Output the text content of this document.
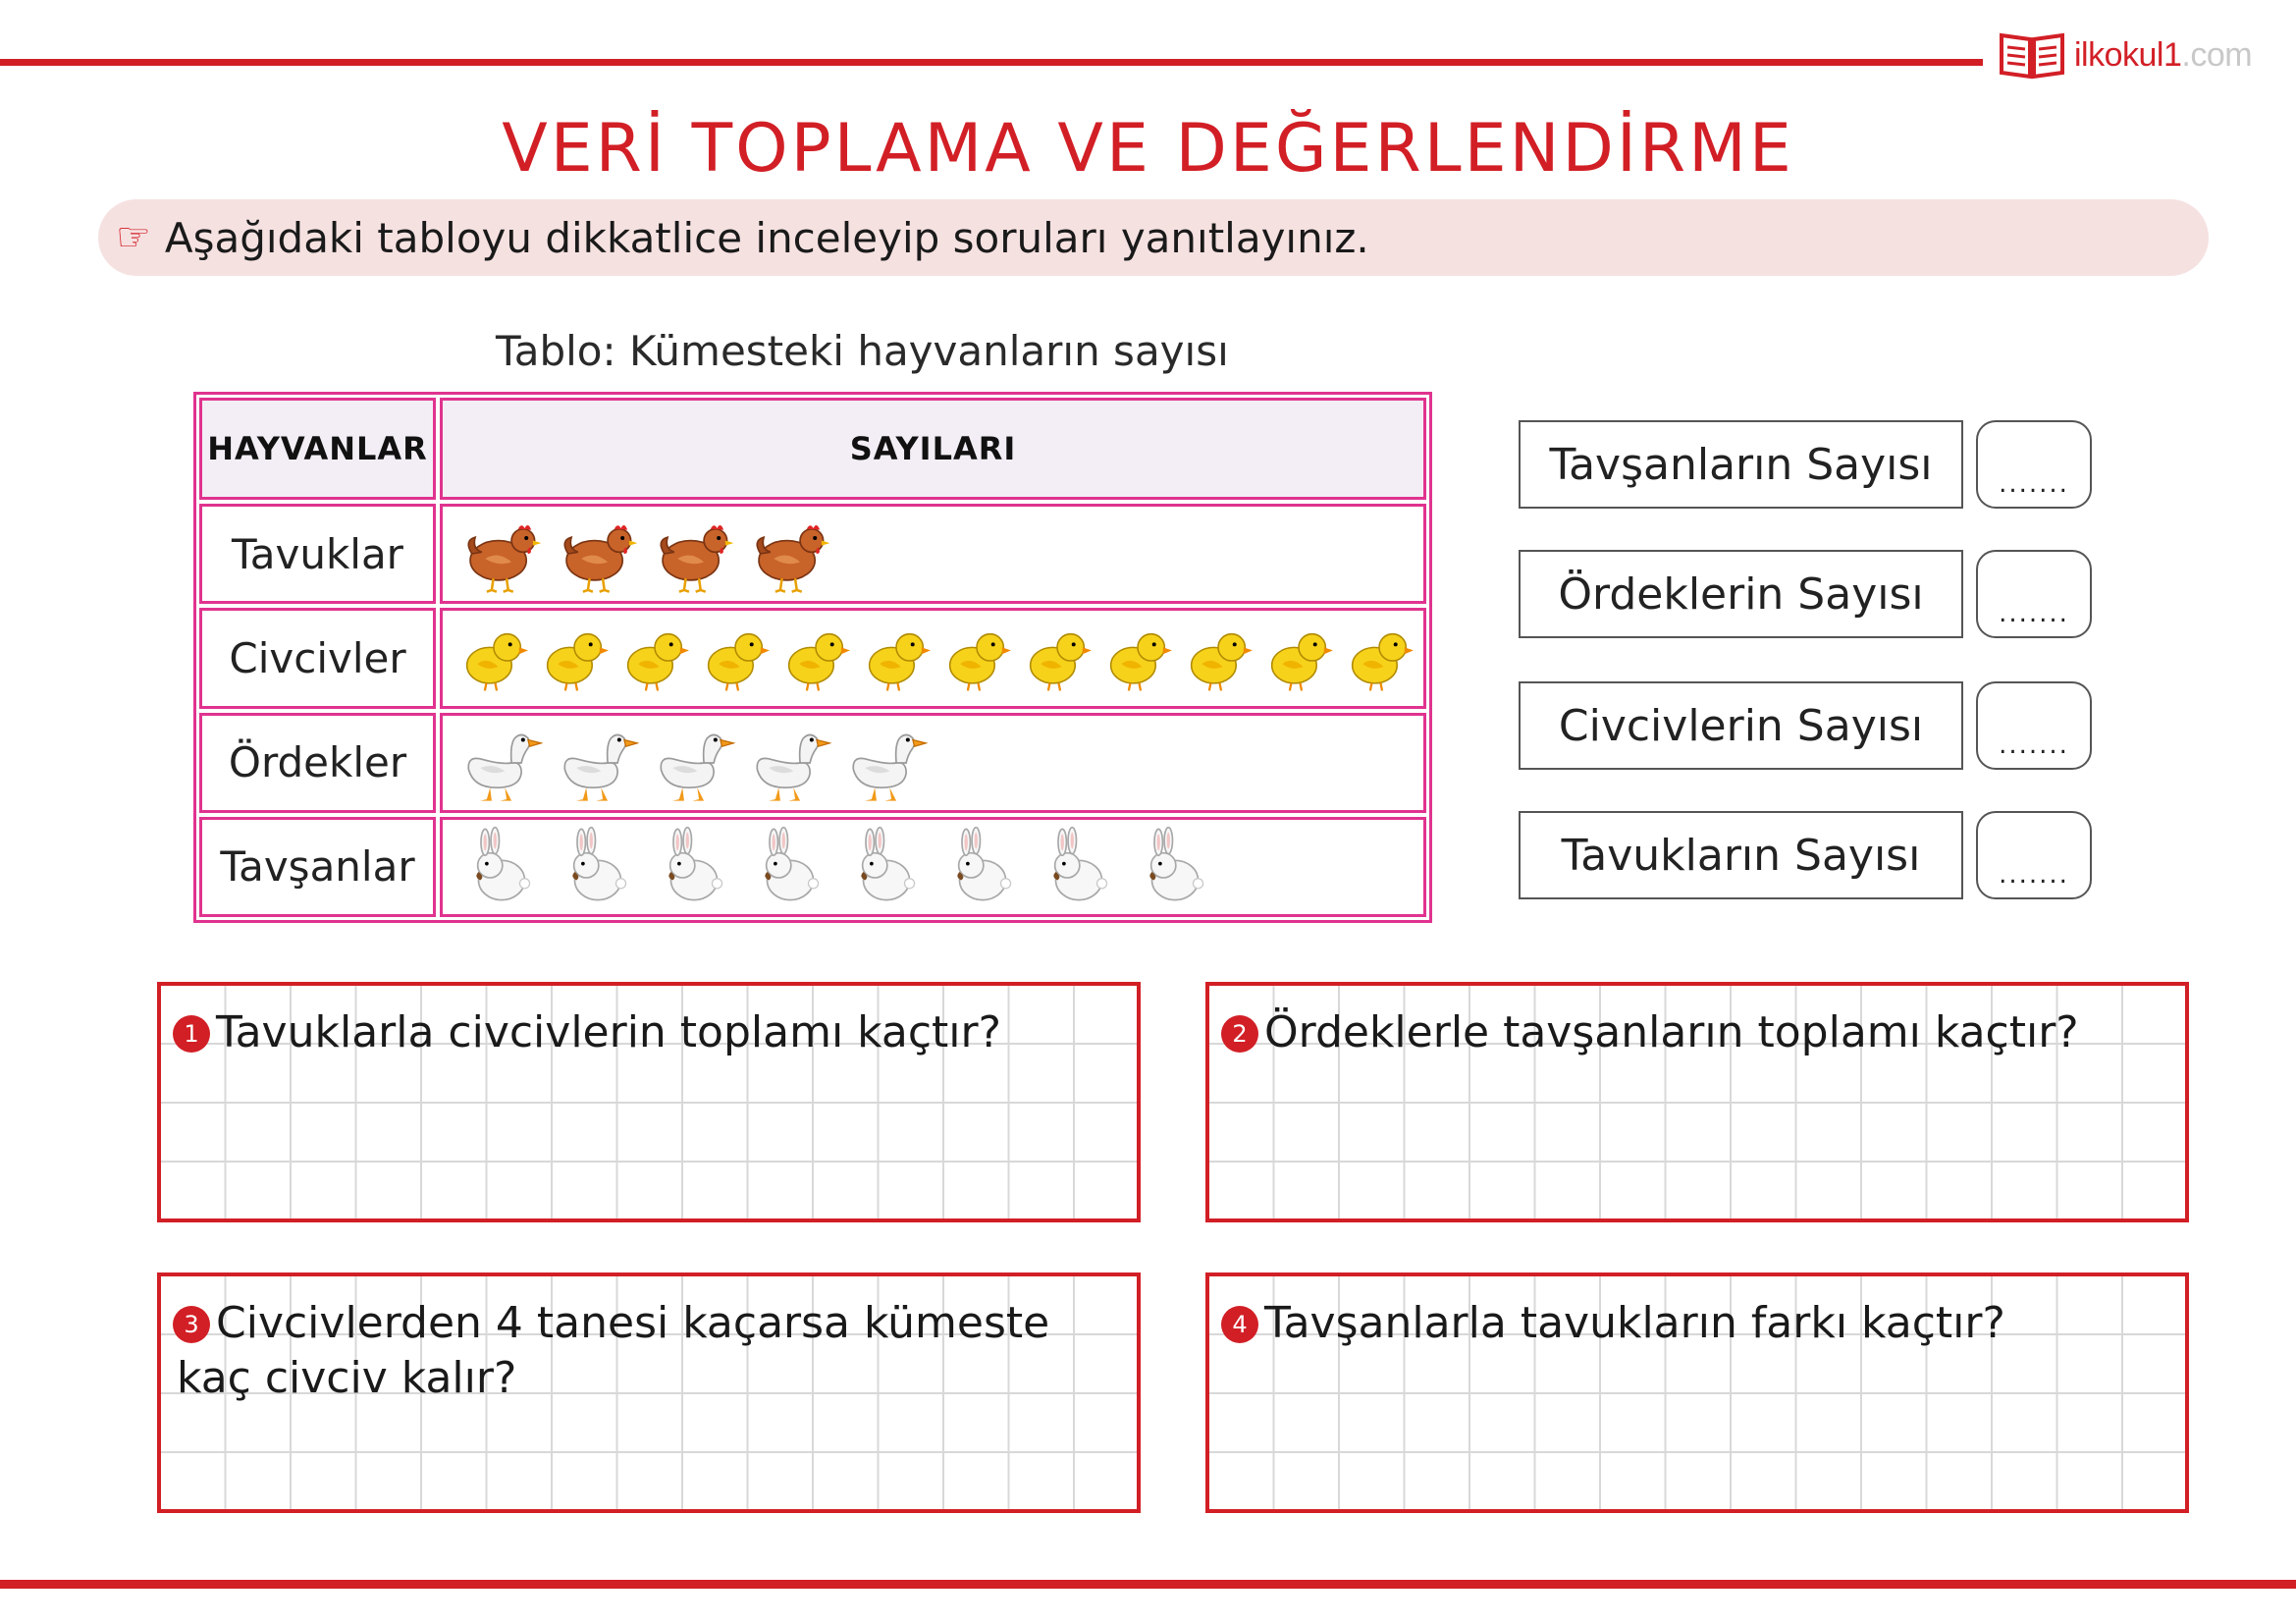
ilkokul1.com
VERİ TOPLAMA VE DEĞERLENDİRME
☞ Aşağıdaki tabloyu dikkatlice inceleyip soruları yanıtlayınız.
Tablo: Kümesteki hayvanların sayısı
HAYVANLAR	SAYILARI
Tavuklar
Civcivler
Ördekler
Tavşanlar
Tavşanların Sayısı	.......
Ördeklerin Sayısı	.......
Civcivlerin Sayısı	.......
Tavukların Sayısı	.......
1 Tavuklarla civcivlerin toplamı kaçtır?	2 Ördeklerle tavşanların toplamı kaçtır?
3 Civcivlerden 4 tanesi kaçarsa kümeste kaç civciv kalır?
4 Tavşanlarla tavukların farkı kaçtır?
